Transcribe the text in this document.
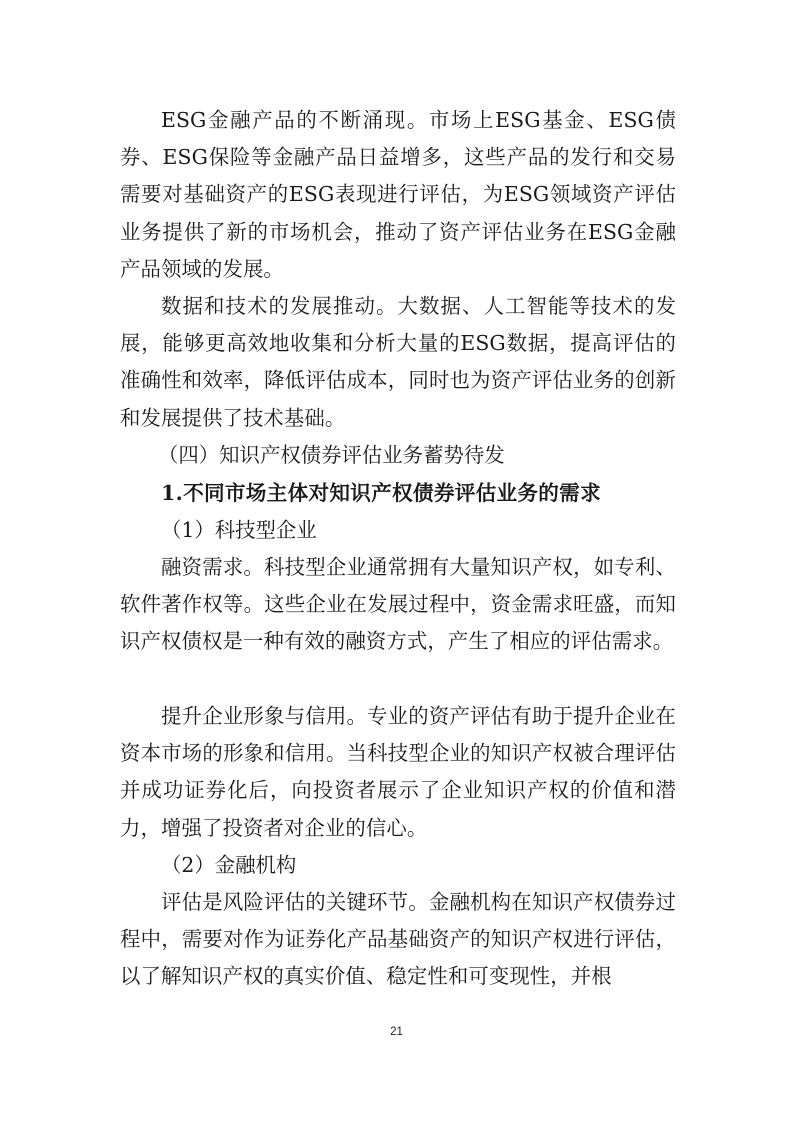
ESG金融产品的不断涌现。市场上ESG基金、ESG债券、ESG保险等金融产品日益增多，这些产品的发行和交易需要对基础资产的ESG表现进行评估，为ESG领域资产评估业务提供了新的市场机会，推动了资产评估业务在ESG金融产品领域的发展。

数据和技术的发展推动。大数据、人工智能等技术的发展，能够更高效地收集和分析大量的ESG数据，提高评估的准确性和效率，降低评估成本，同时也为资产评估业务的创新和发展提供了技术基础。

（四）知识产权债券评估业务蓄势待发

1.不同市场主体对知识产权债券评估业务的需求

（1）科技型企业

融资需求。科技型企业通常拥有大量知识产权，如专利、软件著作权等。这些企业在发展过程中，资金需求旺盛，而知识产权债权是一种有效的融资方式，产生了相应的评估需求。

提升企业形象与信用。专业的资产评估有助于提升企业在资本市场的形象和信用。当科技型企业的知识产权被合理评估并成功证券化后，向投资者展示了企业知识产权的价值和潜力，增强了投资者对企业的信心。

（2）金融机构

评估是风险评估的关键环节。金融机构在知识产权债券过程中，需要对作为证券化产品基础资产的知识产权进行评估，以了解知识产权的真实价值、稳定性和可变现性，并根

21
